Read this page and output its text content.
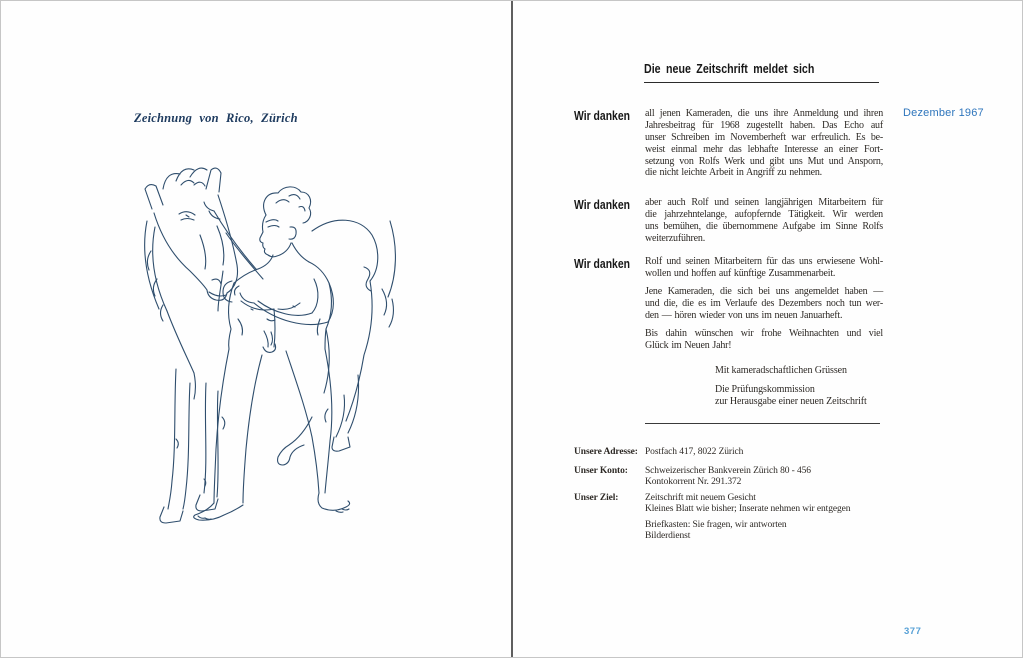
Zeichnung von Rico, Zürich
Die neue Zeitschrift meldet sich
Dezember 1967
Wir danken	all jenen Kameraden, die uns ihre Anmeldung und ihren
Jahresbeitrag für 1968 zugestellt haben. Das Echo auf
unser Schreiben im Novemberheft war erfreulich. Es be-
weist einmal mehr das lebhafte Interesse an einer Fort-
setzung von Rolfs Werk und gibt uns Mut und Ansporn,
die nicht leichte Arbeit in Angriff zu nehmen.
Wir danken	aber auch Rolf und seinen langjährigen Mitarbeitern für
die jahrzehntelange, aufopfernde Tätigkeit. Wir werden
uns bemühen, die übernommene Aufgabe im Sinne Rolfs
weiterzuführen.
Wir danken	Rolf und seinen Mitarbeitern für das uns erwiesene Wohl-
wollen und hoffen auf künftige Zusammenarbeit.
Jene Kameraden, die sich bei uns angemeldet haben —
und die, die es im Verlaufe des Dezembers noch tun wer-
den — hören wieder von uns im neuen Januarheft.
Bis dahin wünschen wir frohe Weihnachten und viel
Glück im Neuen Jahr!
Mit kameradschaftlichen Grüssen
Die Prüfungskommission
zur Herausgabe einer neuen Zeitschrift
Unsere Adresse: Postfach 417, 8022 Zürich
Unser Konto: Schweizerischer Bankverein Zürich 80 - 456
Kontokorrent Nr. 291.372
Unser Ziel:	Zeitschrift mit neuem Gesicht
Kleines Blatt wie bisher; Inserate nehmen wir entgegen
Briefkasten: Sie fragen, wir antworten
Bilderdienst
377
